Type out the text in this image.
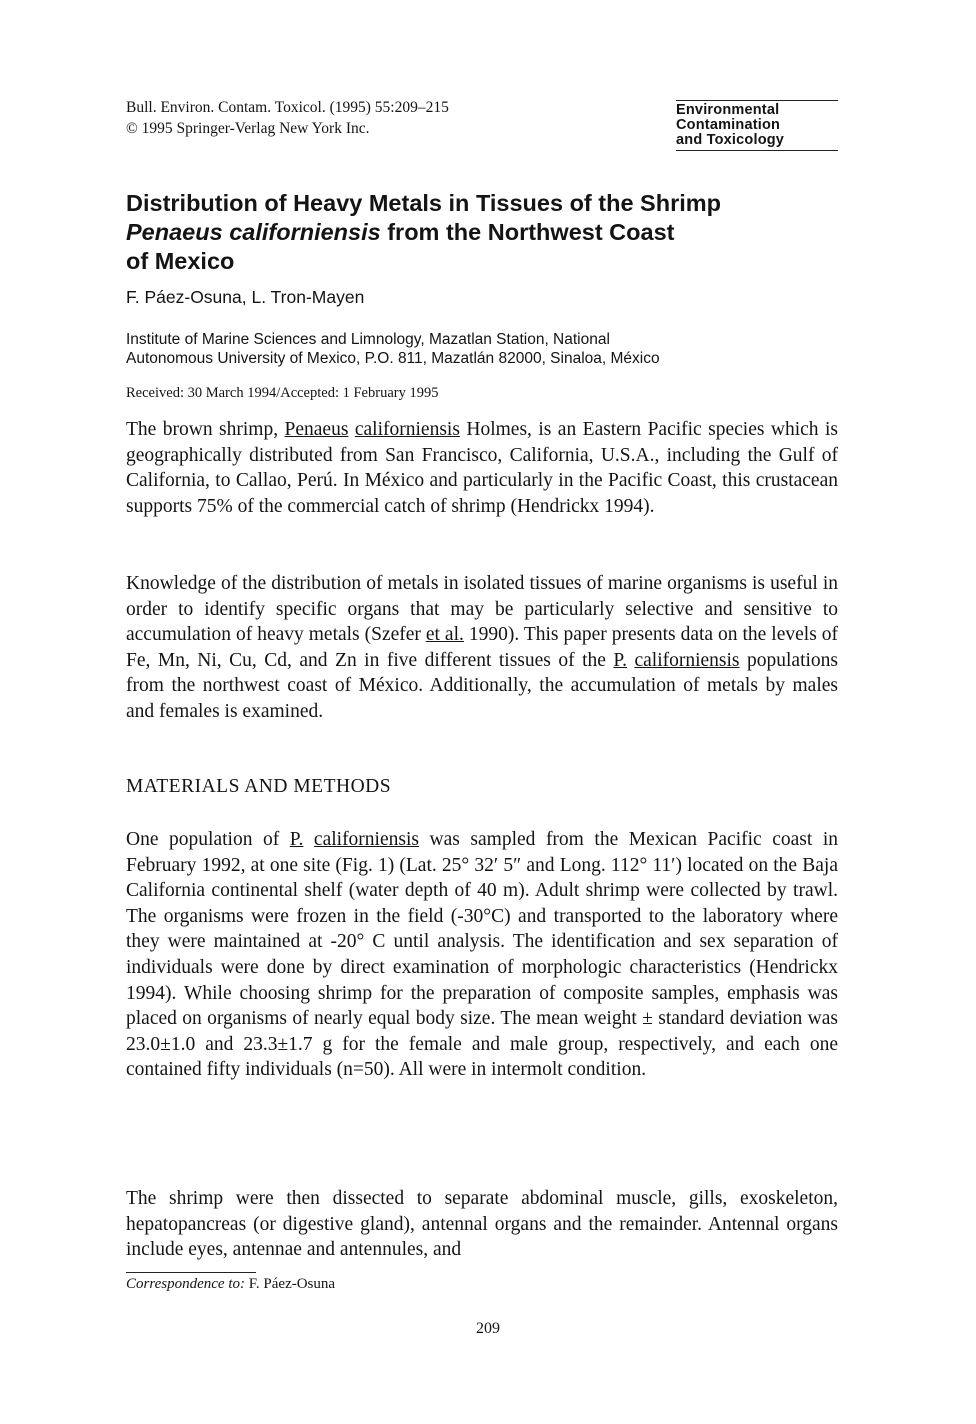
Bull. Environ. Contam. Toxicol. (1995) 55:209–215
© 1995 Springer-Verlag New York Inc.
Environmental
Contamination
and Toxicology
Distribution of Heavy Metals in Tissues of the Shrimp
Penaeus californiensis from the Northwest Coast
of Mexico
F. Páez-Osuna, L. Tron-Mayen
Institute of Marine Sciences and Limnology, Mazatlan Station, National
Autonomous University of Mexico, P.O. 811, Mazatlán 82000, Sinaloa, México
Received: 30 March 1994/Accepted: 1 February 1995
The brown shrimp, Penaeus californiensis Holmes, is an Eastern Pacific species which is geographically distributed from San Francisco, California, U.S.A., including the Gulf of California, to Callao, Perú. In México and particularly in the Pacific Coast, this crustacean supports 75% of the commercial catch of shrimp (Hendrickx 1994).
Knowledge of the distribution of metals in isolated tissues of marine organisms is useful in order to identify specific organs that may be particularly selective and sensitive to accumulation of heavy metals (Szefer et al. 1990). This paper presents data on the levels of Fe, Mn, Ni, Cu, Cd, and Zn in five different tissues of the P. californiensis populations from the northwest coast of México. Additionally, the accumulation of metals by males and females is examined.
MATERIALS AND METHODS
One population of P. californiensis was sampled from the Mexican Pacific coast in February 1992, at one site (Fig. 1) (Lat. 25° 32′ 5″ and Long. 112° 11′) located on the Baja California continental shelf (water depth of 40 m). Adult shrimp were collected by trawl. The organisms were frozen in the field (-30°C) and transported to the laboratory where they were maintained at -20° C until analysis. The identification and sex separation of individuals were done by direct examination of morphologic characteristics (Hendrickx 1994). While choosing shrimp for the preparation of composite samples, emphasis was placed on organisms of nearly equal body size. The mean weight ± standard deviation was 23.0±1.0 and 23.3±1.7 g for the female and male group, respectively, and each one contained fifty individuals (n=50). All were in intermolt condition.
The shrimp were then dissected to separate abdominal muscle, gills, exoskeleton, hepatopancreas (or digestive gland), antennal organs and the remainder. Antennal organs include eyes, antennae and antennules, and
Correspondence to: F. Páez-Osuna
209
